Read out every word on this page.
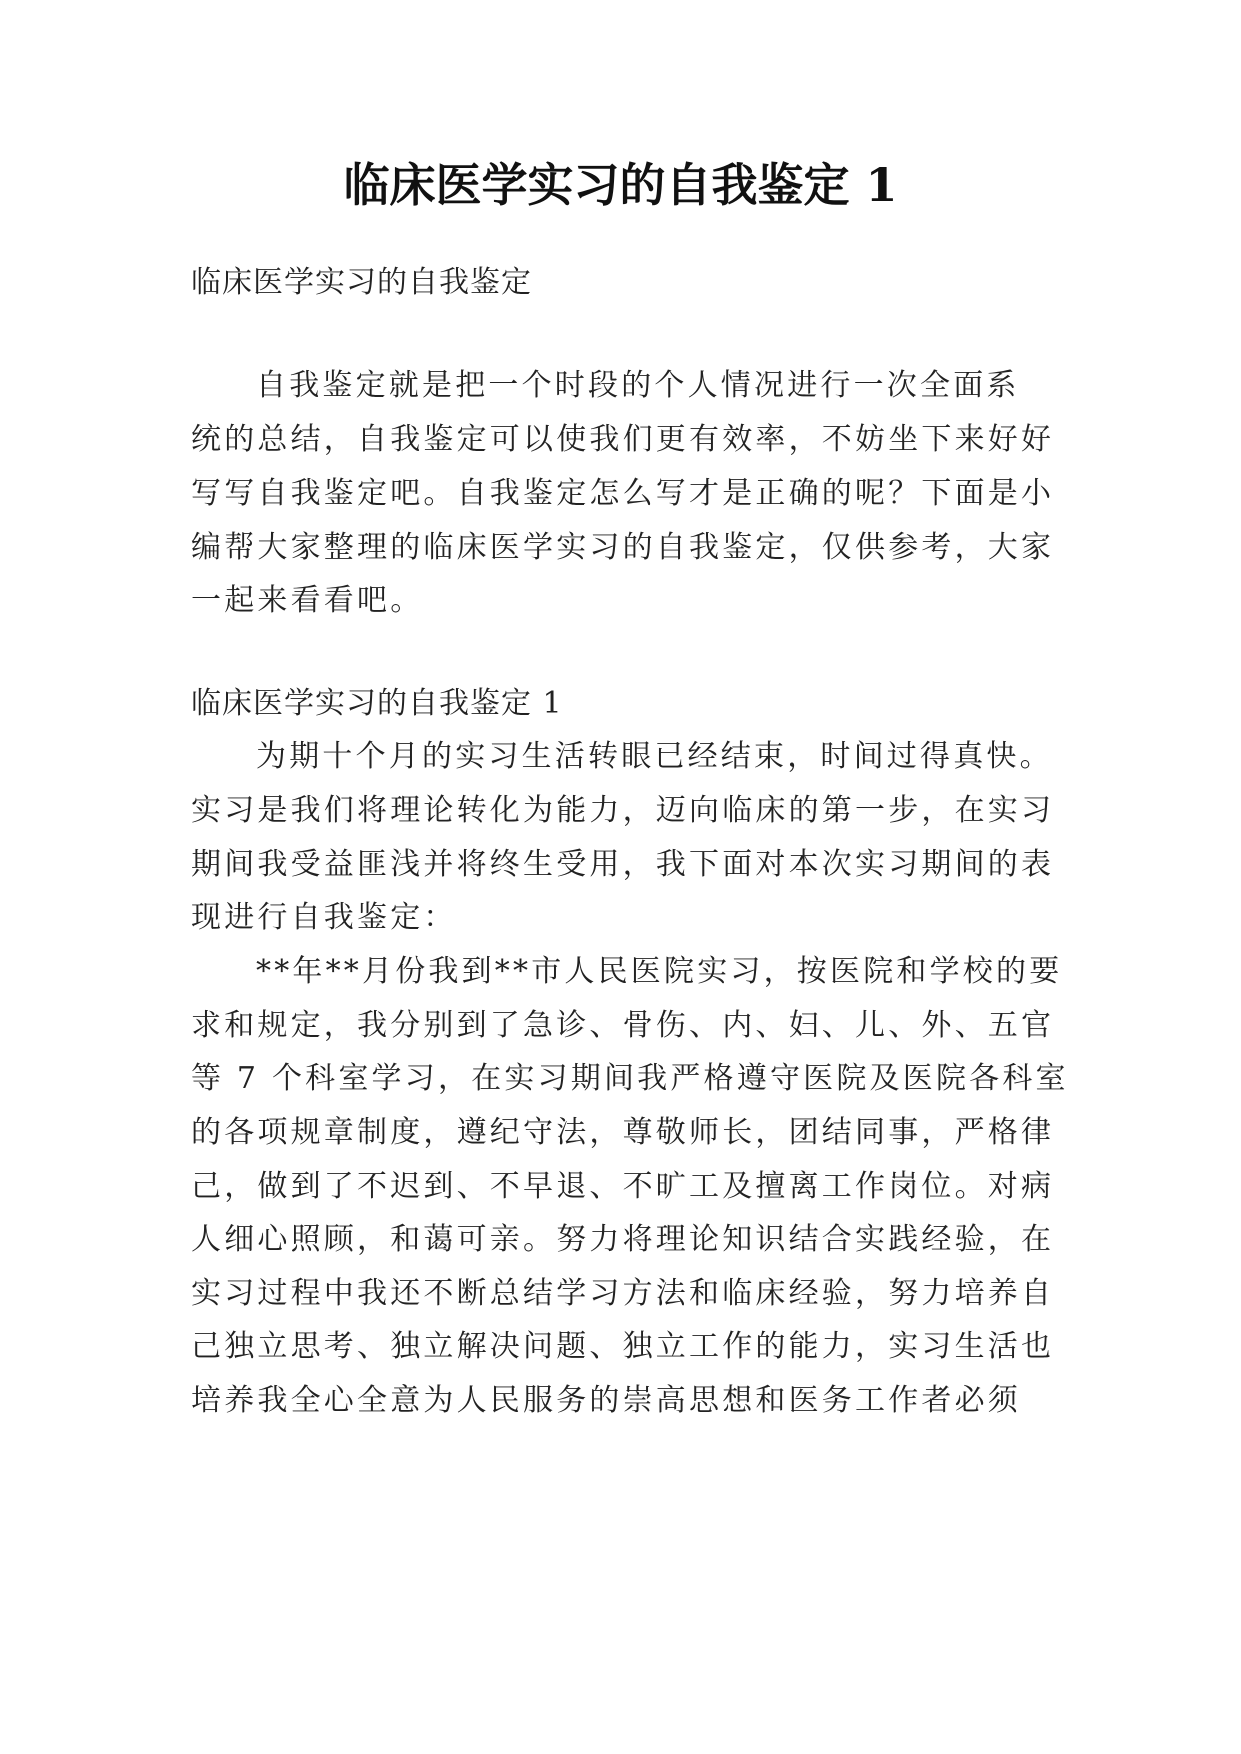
临床医学实习的自我鉴定 1

临床医学实习的自我鉴定

自我鉴定就是把一个时段的个人情况进行一次全面系

统的总结，自我鉴定可以使我们更有效率，不妨坐下来好好

写写自我鉴定吧。自我鉴定怎么写才是正确的呢？下面是小

编帮大家整理的临床医学实习的自我鉴定，仅供参考，大家

一起来看看吧。

临床医学实习的自我鉴定 1

为期十个月的实习生活转眼已经结束，时间过得真快。

实习是我们将理论转化为能力，迈向临床的第一步，在实习

期间我受益匪浅并将终生受用，我下面对本次实习期间的表

现进行自我鉴定：

**年**月份我到**市人民医院实习，按医院和学校的要

求和规定，我分别到了急诊、骨伤、内、妇、儿、外、五官

等 7 个科室学习，在实习期间我严格遵守医院及医院各科室

的各项规章制度，遵纪守法，尊敬师长，团结同事，严格律

己，做到了不迟到、不早退、不旷工及擅离工作岗位。对病

人细心照顾，和蔼可亲。努力将理论知识结合实践经验，在

实习过程中我还不断总结学习方法和临床经验，努力培养自

己独立思考、独立解决问题、独立工作的能力，实习生活也

培养我全心全意为人民服务的崇高思想和医务工作者必须
